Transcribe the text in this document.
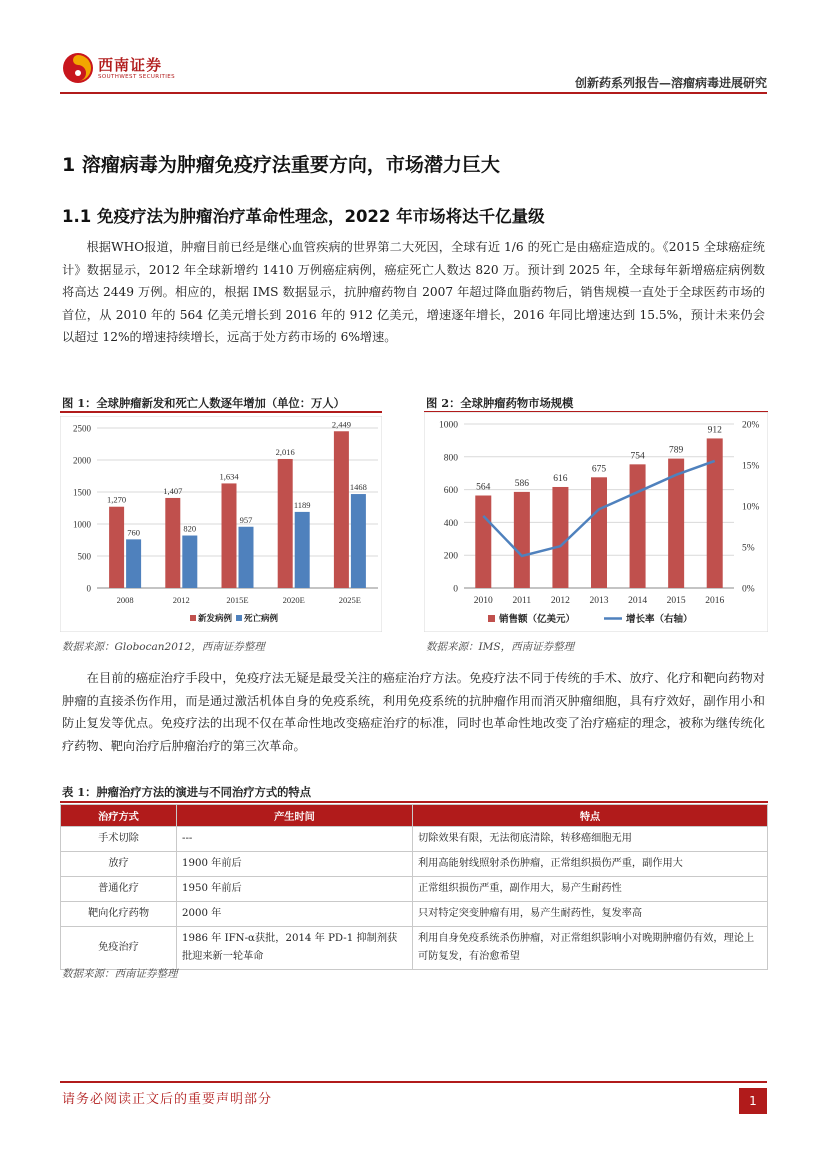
西南证券
SOUTHWEST SECURITIES	创新药系列报告—溶瘤病毒进展研究
1 溶瘤病毒为肿瘤免疫疗法重要方向，市场潜力巨大
1.1 免疫疗法为肿瘤治疗革命性理念，2022 年市场将达千亿量级
　　根据WHO报道，肿瘤目前已经是继心血管疾病的世界第二大死因，全球有近 1/6 的死亡是由癌症造成的。《2015 全球癌症统计》数据显示，2012 年全球新增约 1410 万例癌症病例，癌症死亡人数达 820 万。预计到 2025 年，全球每年新增癌症病例数将高达 2449 万例。相应的，根据 IMS 数据显示，抗肿瘤药物自 2007 年超过降血脂药物后，销售规模一直处于全球医药市场的首位，从 2010 年的 564 亿美元增长到 2016 年的 912 亿美元，增速逐年增长，2016 年同比增速达到 15.5%，预计未来仍会以超过 12%的增速持续增长，远高于处方药市场的 6%增速。
图 1：全球肿瘤新发和死亡人数逐年增加（单位：万人）
0
500
1000
1500
2000
2500
1,270
760
2008
1,407
820
2012
1,634
957
2015E
2,016
1189
2020E
2,449
1468
2025E
新发病例 死亡病例
数据来源：Globocan2012，西南证券整理
图 2：全球肿瘤药物市场规模
0
200
400
600
800
1000
0%
5%
10%
15%
20%
564
2010
586
2011
616
2012
675
2013
754
2014
789
2015
912
2016
销售额（亿美元）	增长率（右轴）
数据来源：IMS，西南证券整理
　　在目前的癌症治疗手段中，免疫疗法无疑是最受关注的癌症治疗方法。免疫疗法不同于传统的手术、放疗、化疗和靶向药物对肿瘤的直接杀伤作用，而是通过激活机体自身的免疫系统，利用免疫系统的抗肿瘤作用而消灭肿瘤细胞，具有疗效好，副作用小和防止复发等优点。免疫疗法的出现不仅在革命性地改变癌症治疗的标准，同时也革命性地改变了治疗癌症的理念，被称为继传统化疗药物、靶向治疗后肿瘤治疗的第三次革命。
表 1：肿瘤治疗方法的演进与不同治疗方式的特点
治疗方式	产生时间	特点
手术切除	---	切除效果有限，无法彻底清除，转移癌细胞无用
放疗	1900 年前后	利用高能射线照射杀伤肿瘤，正常组织损伤严重，副作用大
普通化疗	1950 年前后	正常组织损伤严重，副作用大，易产生耐药性
靶向化疗药物	2000 年	只对特定突变肿瘤有用，易产生耐药性，复发率高
免疫治疗	1986 年 IFN-α获批，2014 年 PD-1 抑制剂获批迎来新一轮革命	利用自身免疫系统杀伤肿瘤，对正常组织影响小对晚期肿瘤仍有效，理论上可防复发，有治愈希望
数据来源：西南证券整理
请务必阅读正文后的重要声明部分	1
